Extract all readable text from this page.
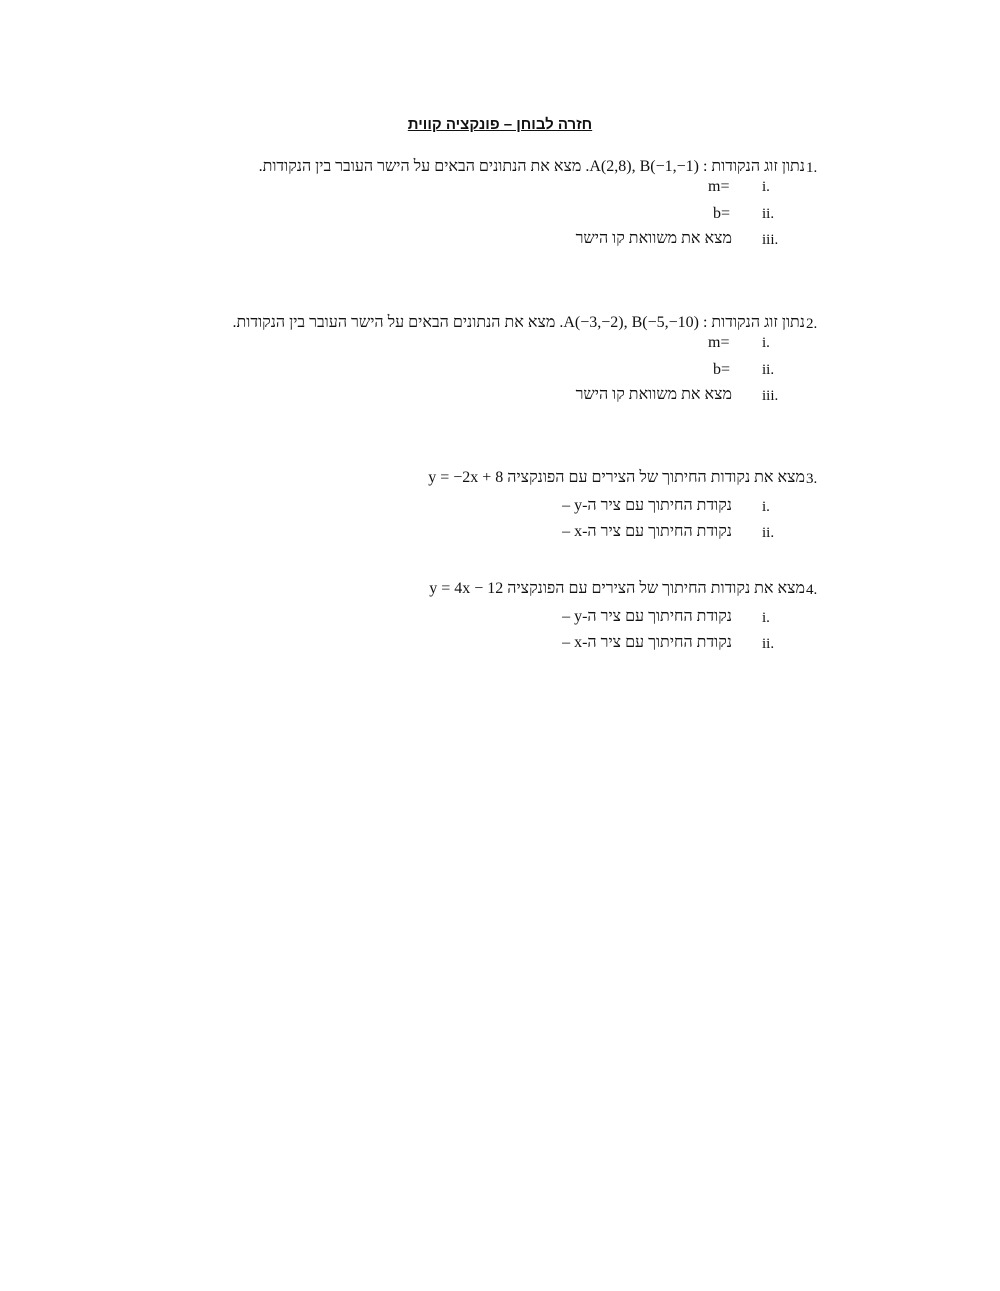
חזרה לבוחן – פונקציה קווית
1.
נתון זוג הנקודות : A(2,8), B(−1,−1). מצא את הנתונים הבאים על הישר העובר בין הנקודות.
i.
m=
ii.
b=
iii.
מצא את משוואת קו הישר
2.
נתון זוג הנקודות : A(−3,−2), B(−5,−10). מצא את הנתונים הבאים על הישר העובר בין הנקודות.
i.
m=
ii.
b=
iii.
מצא את משוואת קו הישר
3.
מצא את נקודות החיתוך של הצירים עם הפונקציה y = −2x + 8
i.
נקודת החיתוך עם ציר ה-y –
ii.
נקודת החיתוך עם ציר ה-x –
4.
מצא את נקודות החיתוך של הצירים עם הפונקציה y = 4x − 12
i.
נקודת החיתוך עם ציר ה-y –
ii.
נקודת החיתוך עם ציר ה-x –
